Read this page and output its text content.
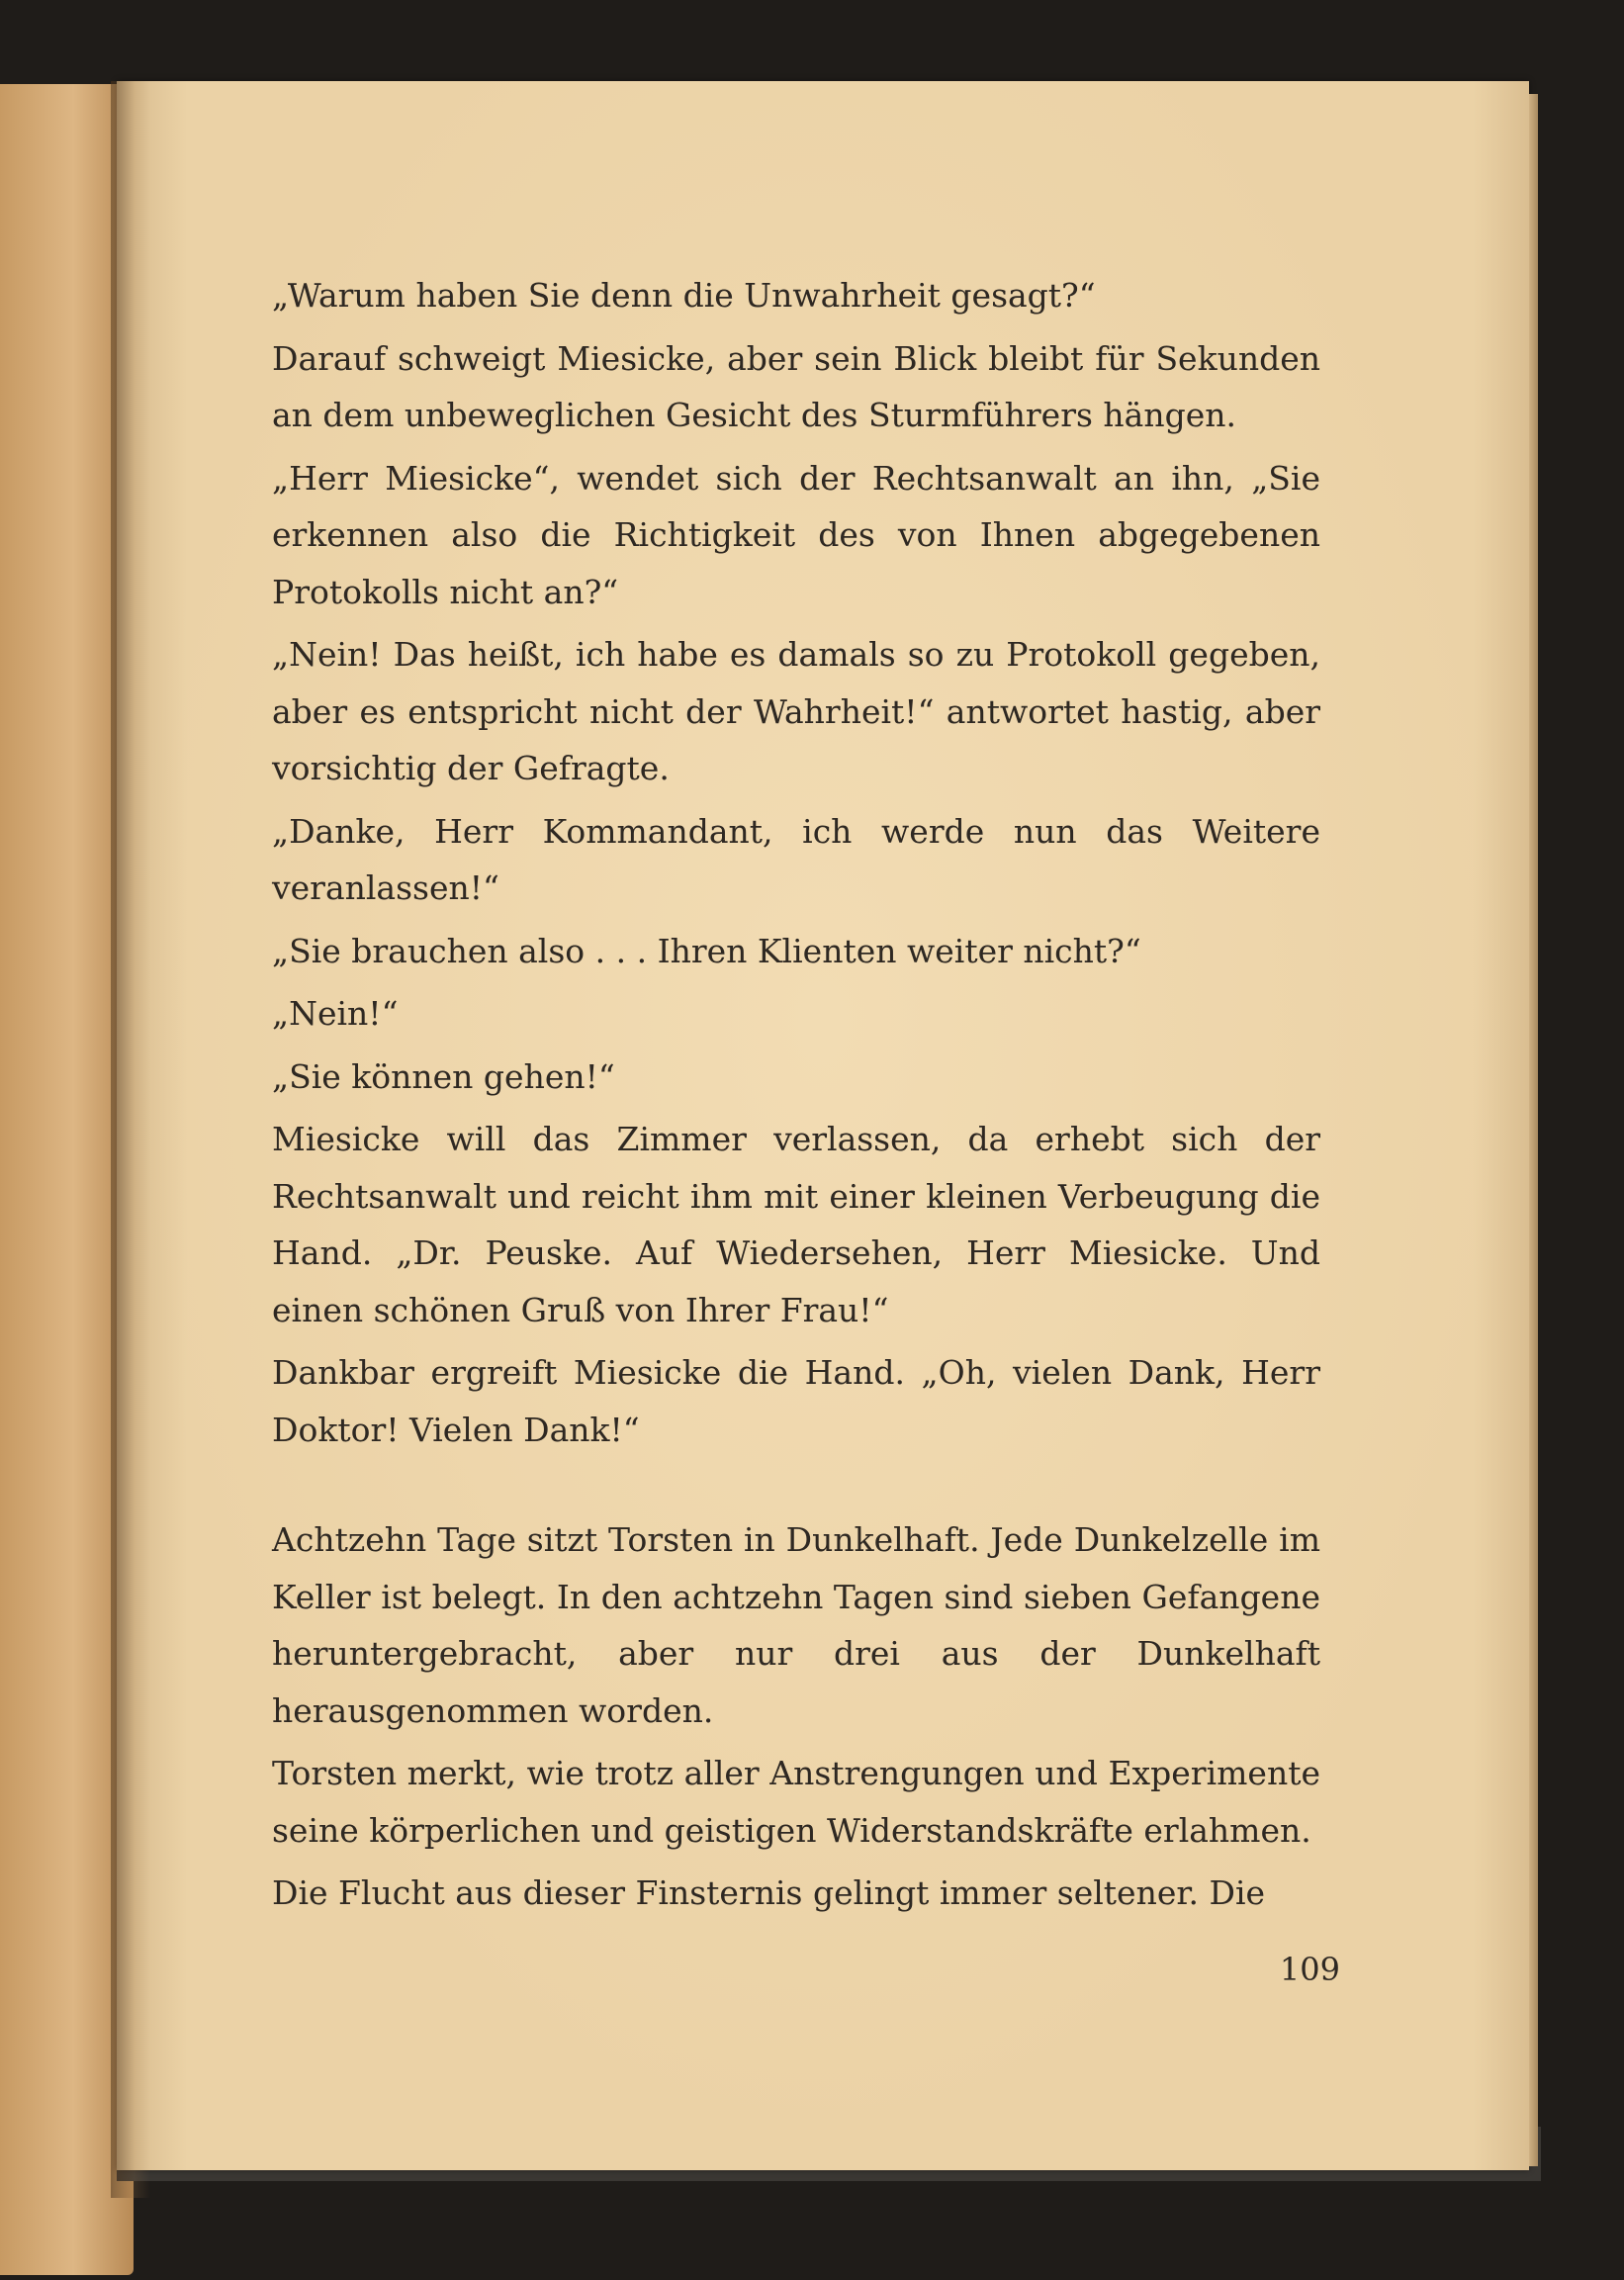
„Warum haben Sie denn die Unwahrheit gesagt?“

Darauf schweigt Miesicke, aber sein Blick bleibt für Sekunden an dem unbeweglichen Gesicht des Sturmführers hängen.

„Herr Miesicke“, wendet sich der Rechtsanwalt an ihn, „Sie erkennen also die Richtigkeit des von Ihnen abgegebenen Protokolls nicht an?“

„Nein! Das heißt, ich habe es damals so zu Protokoll gegeben, aber es entspricht nicht der Wahrheit!“ antwortet hastig, aber vorsichtig der Gefragte.

„Danke, Herr Kommandant, ich werde nun das Weitere veranlassen!“

„Sie brauchen also . . . Ihren Klienten weiter nicht?“

„Nein!“

„Sie können gehen!“

Miesicke will das Zimmer verlassen, da erhebt sich der Rechtsanwalt und reicht ihm mit einer kleinen Verbeugung die Hand. „Dr. Peuske. Auf Wiedersehen, Herr Miesicke. Und einen schönen Gruß von Ihrer Frau!“

Dankbar ergreift Miesicke die Hand. „Oh, vielen Dank, Herr Doktor! Vielen Dank!“

Achtzehn Tage sitzt Torsten in Dunkelhaft. Jede Dunkelzelle im Keller ist belegt. In den achtzehn Tagen sind sieben Gefangene heruntergebracht, aber nur drei aus der Dunkelhaft herausgenommen worden.

Torsten merkt, wie trotz aller Anstrengungen und Experimente seine körperlichen und geistigen Widerstandskräfte erlahmen.

Die Flucht aus dieser Finsternis gelingt immer seltener. Die

109
